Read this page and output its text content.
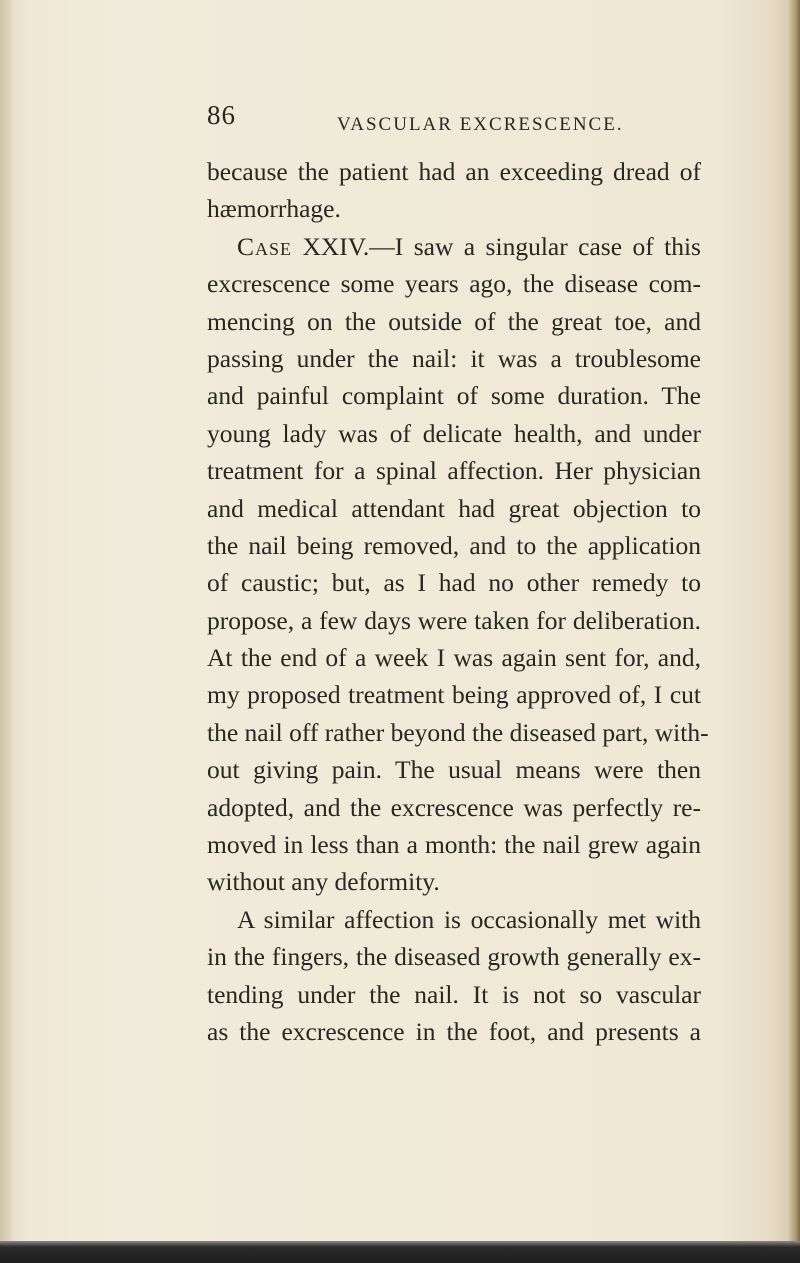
86	VASCULAR EXCRESCENCE.
because the patient had an exceeding dread of
hæmorrhage.
Case XXIV.—I saw a singular case of this
excrescence some years ago, the disease com-
mencing on the outside of the great toe, and
passing under the nail: it was a troublesome
and painful complaint of some duration. The
young lady was of delicate health, and under
treatment for a spinal affection. Her physician
and medical attendant had great objection to
the nail being removed, and to the application
of caustic; but, as I had no other remedy to
propose, a few days were taken for deliberation.
At the end of a week I was again sent for, and,
my proposed treatment being approved of, I cut
the nail off rather beyond the diseased part, with-
out giving pain. The usual means were then
adopted, and the excrescence was perfectly re-
moved in less than a month: the nail grew again
without any deformity.
A similar affection is occasionally met with
in the fingers, the diseased growth generally ex-
tending under the nail. It is not so vascular
as the excrescence in the foot, and presents a
